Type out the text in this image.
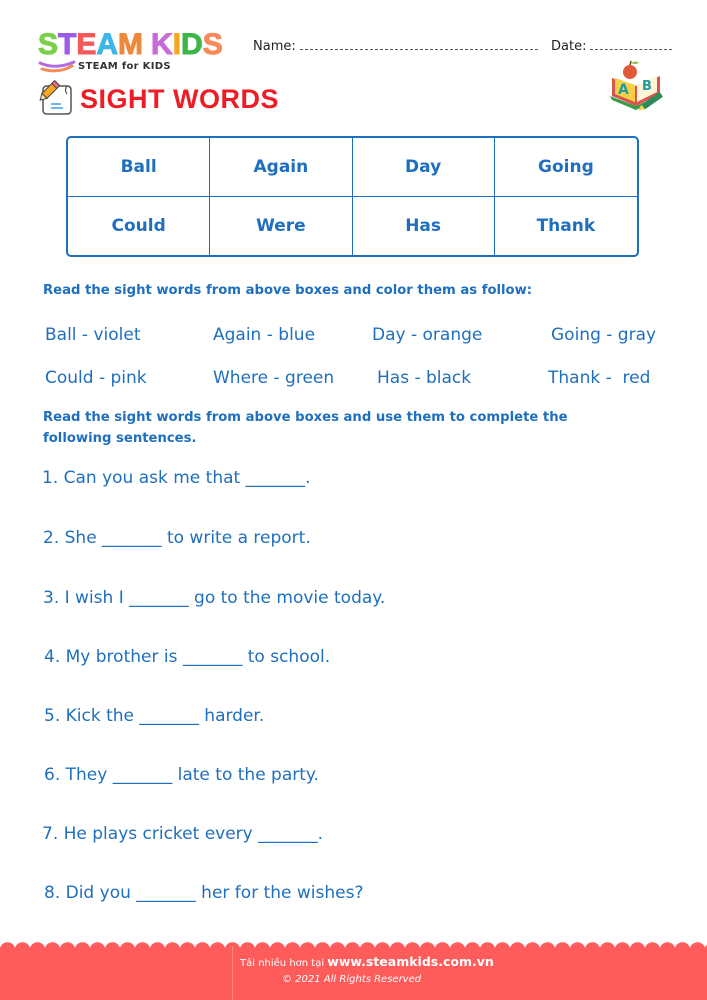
STEAM KIDS
STEAM for KIDS
Name:	Date:
SIGHT WORDS	A B
Ball	Again	Day	Going
Could	Were	Has	Thank
Read the sight words from above boxes and color them as follow:
Ball - violet	Again - blue	Day - orange	Going - gray
Could - pink	Where - green	Has - black	Thank -  red
Read the sight words from above boxes and use them to complete the following sentences.
1. Can you ask me that _______.
2. She _______ to write a report.
3. I wish I _______ go to the movie today.
4. My brother is _______ to school.
5. Kick the _______ harder.
6. They _______ late to the party.
7. He plays cricket every _______.
8. Did you _______ her for the wishes?
Tải nhiều hơn tại www.steamkids.com.vn
© 2021 All Rights Reserved
